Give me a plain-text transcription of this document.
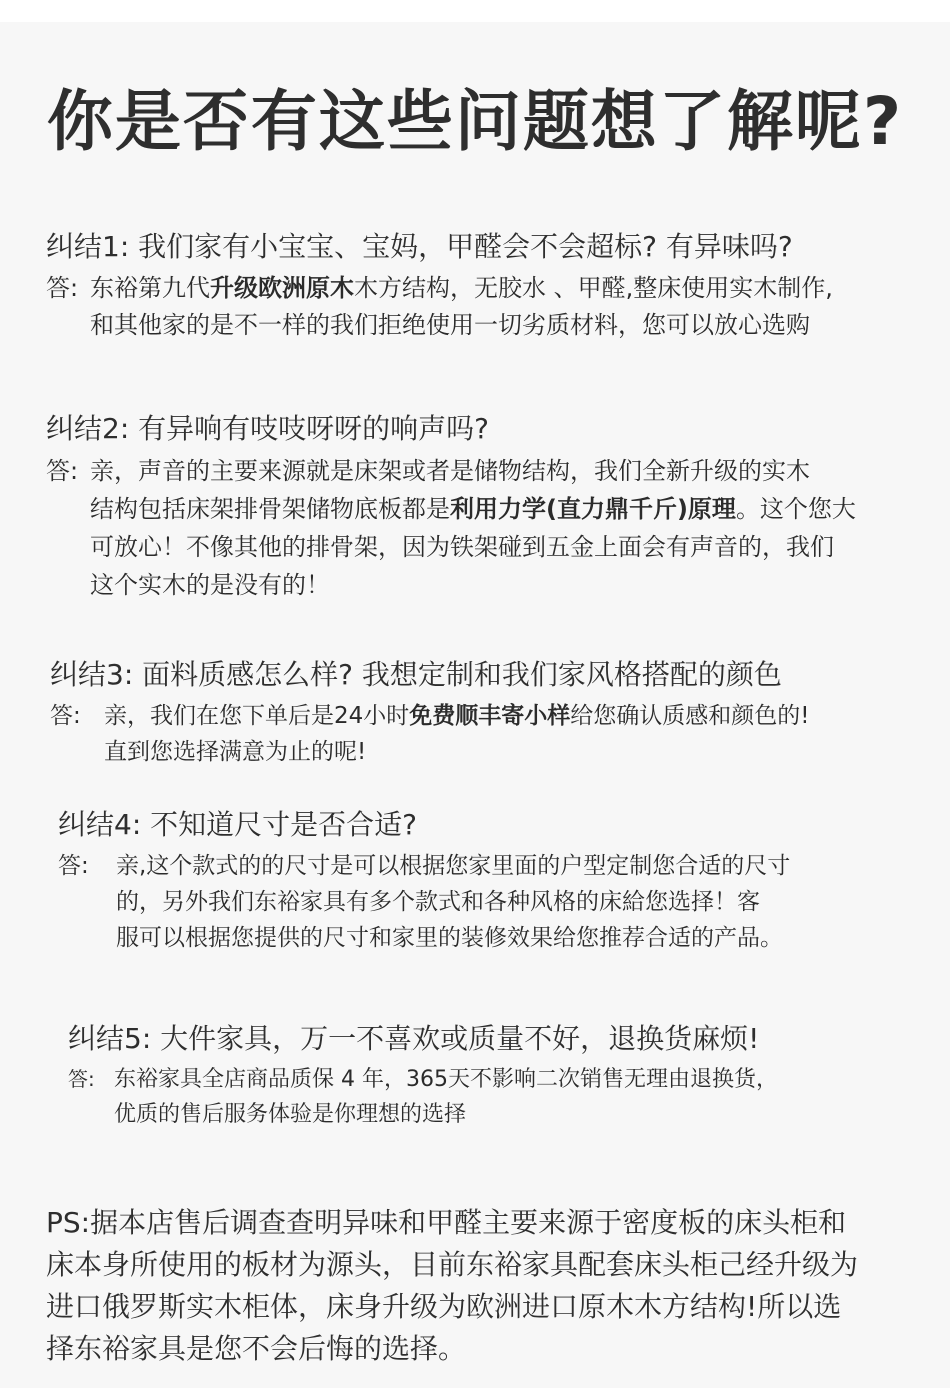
你是否有这些问题想了解呢?
纠结1: 我们家有小宝宝、宝妈，甲醛会不会超标? 有异味吗?
答: 东裕第九代升级欧洲原木木方结构，无胶水 、甲醛,整床使用实木制作,
和其他家的是不一样的我们拒绝使用一切劣质材料，您可以放心选购
纠结2: 有异响有吱吱呀呀的响声吗?
答: 亲，声音的主要来源就是床架或者是储物结构，我们全新升级的实木
结构包括床架排骨架储物底板都是利用力学(直力鼎千斤)原理。这个您大
可放心！不像其他的排骨架，因为铁架碰到五金上面会有声音的，我们
这个实木的是没有的！
纠结3: 面料质感怎么样? 我想定制和我们家风格搭配的颜色
答: 亲，我们在您下单后是24小时免费顺丰寄小样给您确认质感和颜色的!
直到您选择满意为止的呢!
纠结4: 不知道尺寸是否合适?
答: 亲,这个款式的的尺寸是可以根据您家里面的户型定制您合适的尺寸
的，另外我们东裕家具有多个款式和各种风格的床給您选择！客
服可以根据您提供的尺寸和家里的装修效果给您推荐合适的产品。
纠结5: 大件家具，万一不喜欢或质量不好，退换货麻烦!
答: 东裕家具全店商品质保 4 年，365天不影响二次销售无理由退换货，
优质的售后服务体验是你理想的选择
PS:据本店售后调查查明异味和甲醛主要来源于密度板的床头柜和
床本身所使用的板材为源头，目前东裕家具配套床头柜己经升级为
进口俄罗斯实木柜体，床身升级为欧洲进口原木木方结构!所以选
择东裕家具是您不会后悔的选择。
